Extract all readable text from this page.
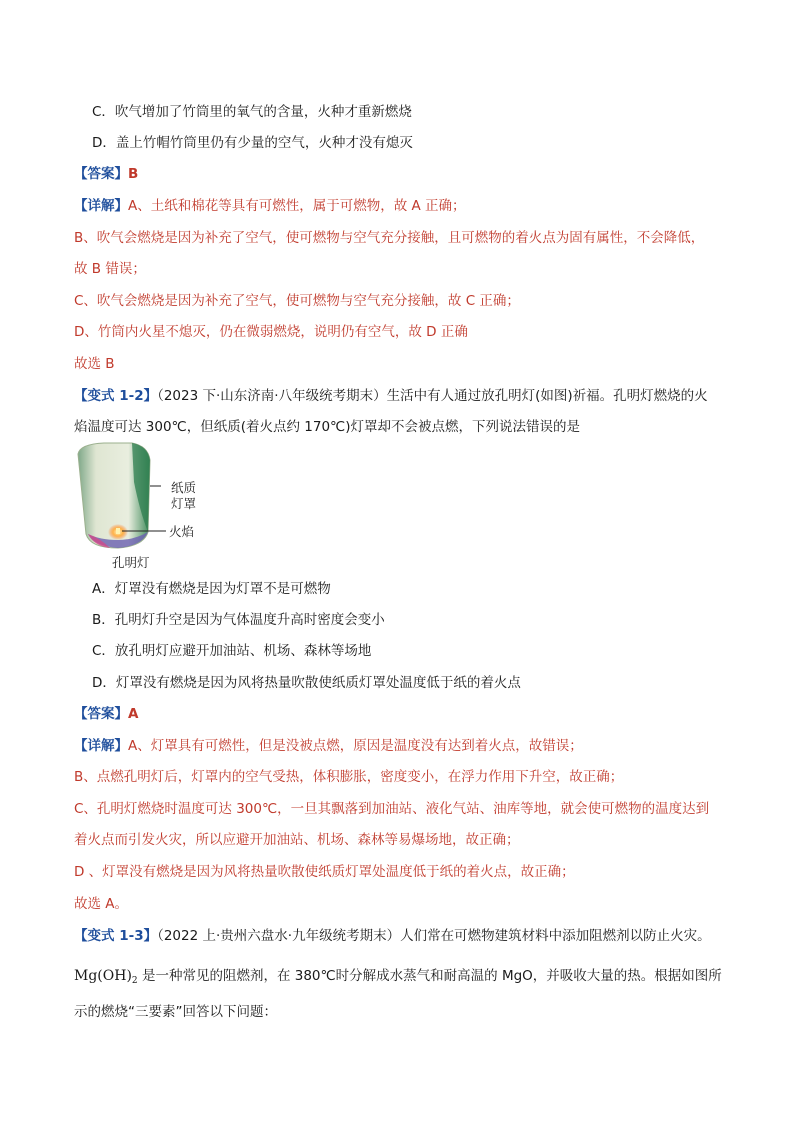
C．吹气增加了竹筒里的氧气的含量，火种才重新燃烧
D．盖上竹帽竹筒里仍有少量的空气，火种才没有熄灭
【答案】B
【详解】A、土纸和棉花等具有可燃性，属于可燃物，故 A 正确；
B、吹气会燃烧是因为补充了空气，使可燃物与空气充分接触，且可燃物的着火点为固有属性，不会降低，
故 B 错误；
C、吹气会燃烧是因为补充了空气，使可燃物与空气充分接触，故 C 正确；
D、竹筒内火星不熄灭，仍在微弱燃烧，说明仍有空气，故 D 正确
故选 B
【变式 1-2】（2023 下·山东济南·八年级统考期末）生活中有人通过放孔明灯(如图)祈福。孔明灯燃烧的火
焰温度可达 300℃，但纸质(着火点约 170℃)灯罩却不会被点燃，下列说法错误的是
纸质
灯罩
火焰
孔明灯
A．灯罩没有燃烧是因为灯罩不是可燃物
B．孔明灯升空是因为气体温度升高时密度会变小
C．放孔明灯应避开加油站、机场、森林等场地
D．灯罩没有燃烧是因为风将热量吹散使纸质灯罩处温度低于纸的着火点
【答案】A
【详解】A、灯罩具有可燃性，但是没被点燃，原因是温度没有达到着火点，故错误；
B、点燃孔明灯后，灯罩内的空气受热，体积膨胀，密度变小，在浮力作用下升空，故正确；
C、孔明灯燃烧时温度可达 300℃，一旦其飘落到加油站、液化气站、油库等地，就会使可燃物的温度达到
着火点而引发火灾，所以应避开加油站、机场、森林等易爆场地，故正确；
D 、灯罩没有燃烧是因为风将热量吹散使纸质灯罩处温度低于纸的着火点，故正确；
故选 A。
【变式 1-3】（2022 上·贵州六盘水·九年级统考期末）人们常在可燃物建筑材料中添加阻燃剂以防止火灾。
$Mg(OH)_2$ 是一种常见的阻燃剂，在 380℃时分解成水蒸气和耐高温的 MgO，并吸收大量的热。根据如图所
示的燃烧“三要素”回答以下问题：
